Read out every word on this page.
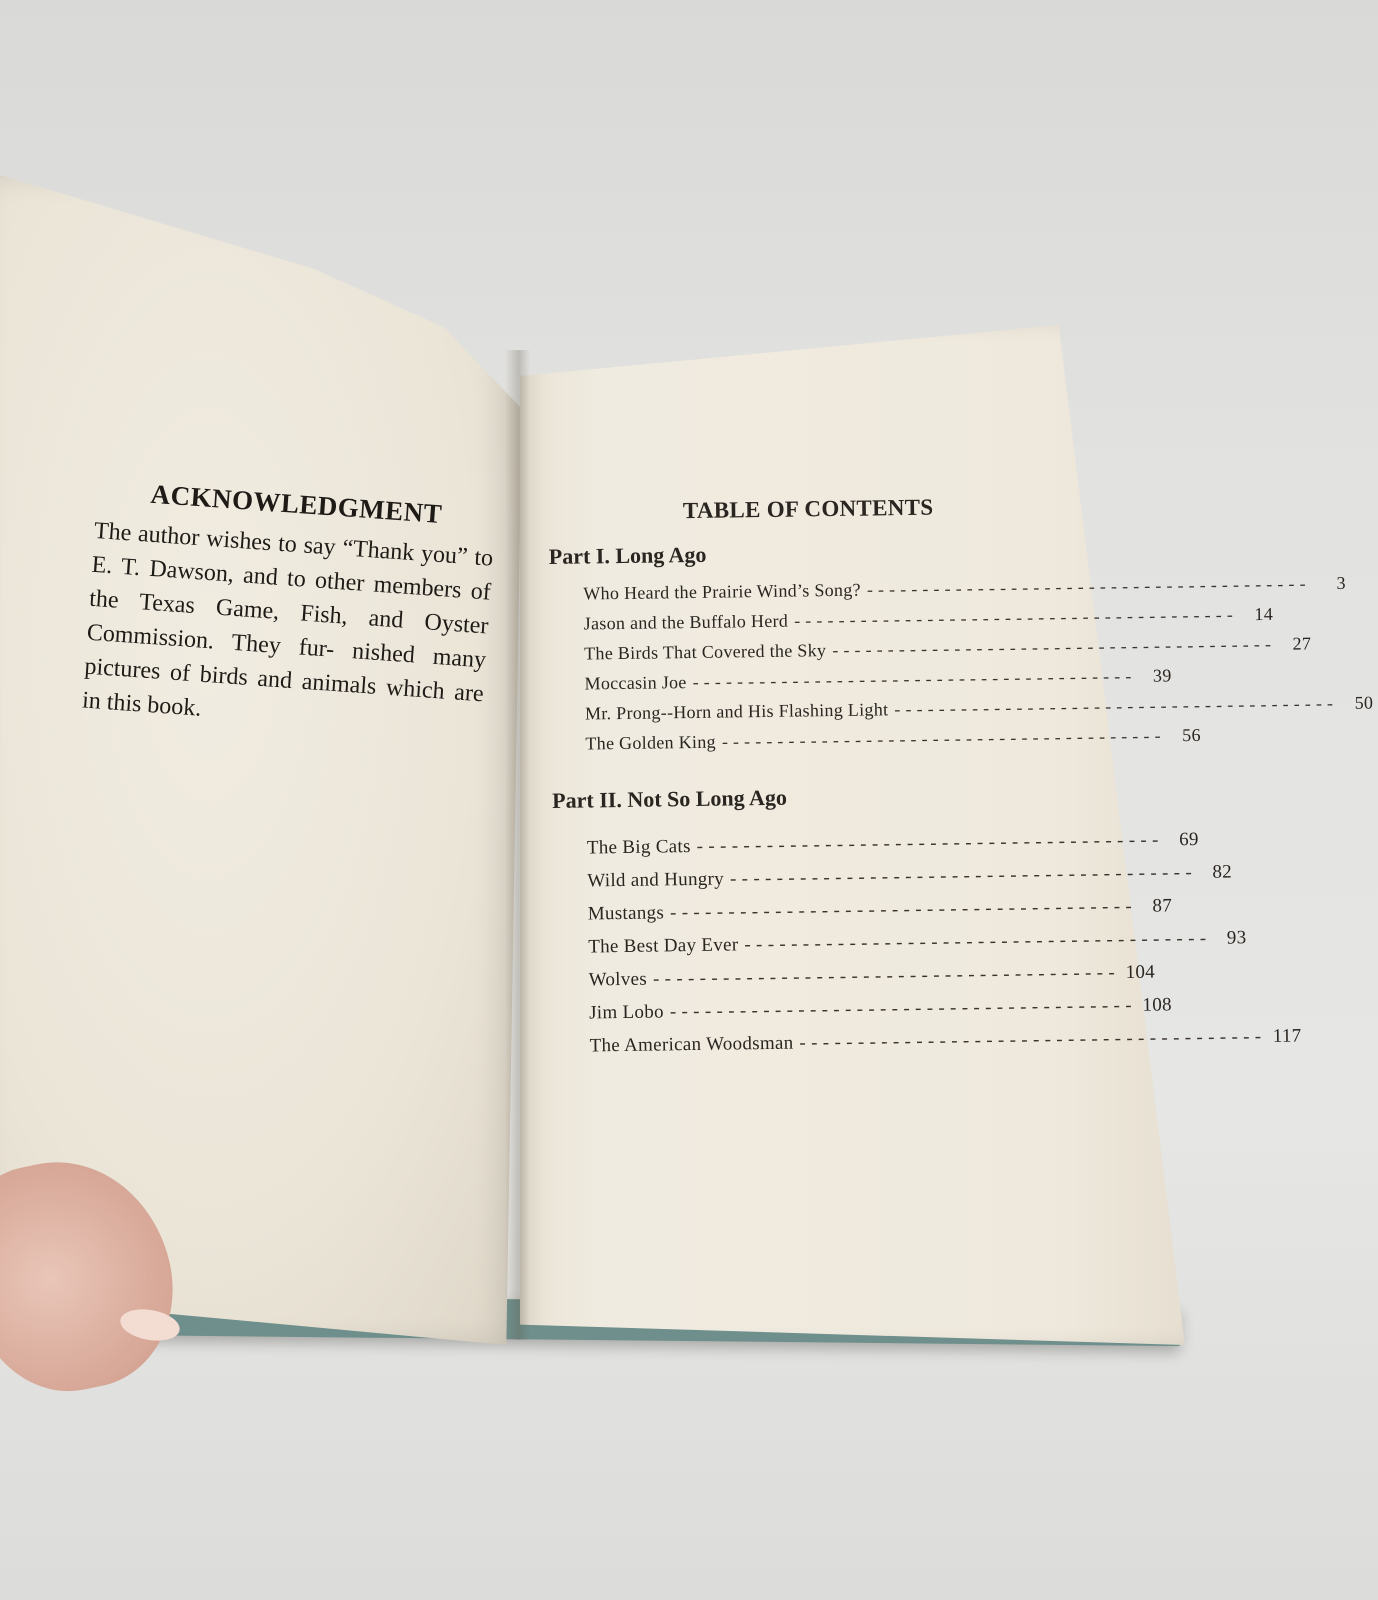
ACKNOWLEDGMENT

The author wishes to say “Thank you” to E. T. Dawson, and to other members of the Texas Game, Fish, and Oyster Commission. They fur- nished many pictures of birds and animals which are in this book.

TABLE OF CONTENTS
Part I. Long Ago
Who Heard the Prairie Wind’s Song? - - - - - - - - - - - - - - - - - - - - - - - - - - - - - - - - - - - - - - - -	3
Jason and the Buffalo Herd - - - - - - - - - - - - - - - - - - - - - - - - - - - - - - - - - - - - - - - -	14
The Birds That Covered the Sky - - - - - - - - - - - - - - - - - - - - - - - - - - - - - - - - - - - - - - - -	27
Moccasin Joe - - - - - - - - - - - - - - - - - - - - - - - - - - - - - - - - - - - - - - - -	39
Mr. Prong--Horn and His Flashing Light - - - - - - - - - - - - - - - - - - - - - - - - - - - - - - - - - - - - - - - -	50
The Golden King - - - - - - - - - - - - - - - - - - - - - - - - - - - - - - - - - - - - - - - -	56
Part II. Not So Long Ago
The Big Cats - - - - - - - - - - - - - - - - - - - - - - - - - - - - - - - - - - - - - - - -	69
Wild and Hungry - - - - - - - - - - - - - - - - - - - - - - - - - - - - - - - - - - - - - - - -	82
Mustangs - - - - - - - - - - - - - - - - - - - - - - - - - - - - - - - - - - - - - - - -	87
The Best Day Ever - - - - - - - - - - - - - - - - - - - - - - - - - - - - - - - - - - - - - - - -	93
Wolves - - - - - - - - - - - - - - - - - - - - - - - - - - - - - - - - - - - - - - - - 104
Jim Lobo - - - - - - - - - - - - - - - - - - - - - - - - - - - - - - - - - - - - - - - - 108
The American Woodsman - - - - - - - - - - - - - - - - - - - - - - - - - - - - - - - - - - - - - - - - 117
